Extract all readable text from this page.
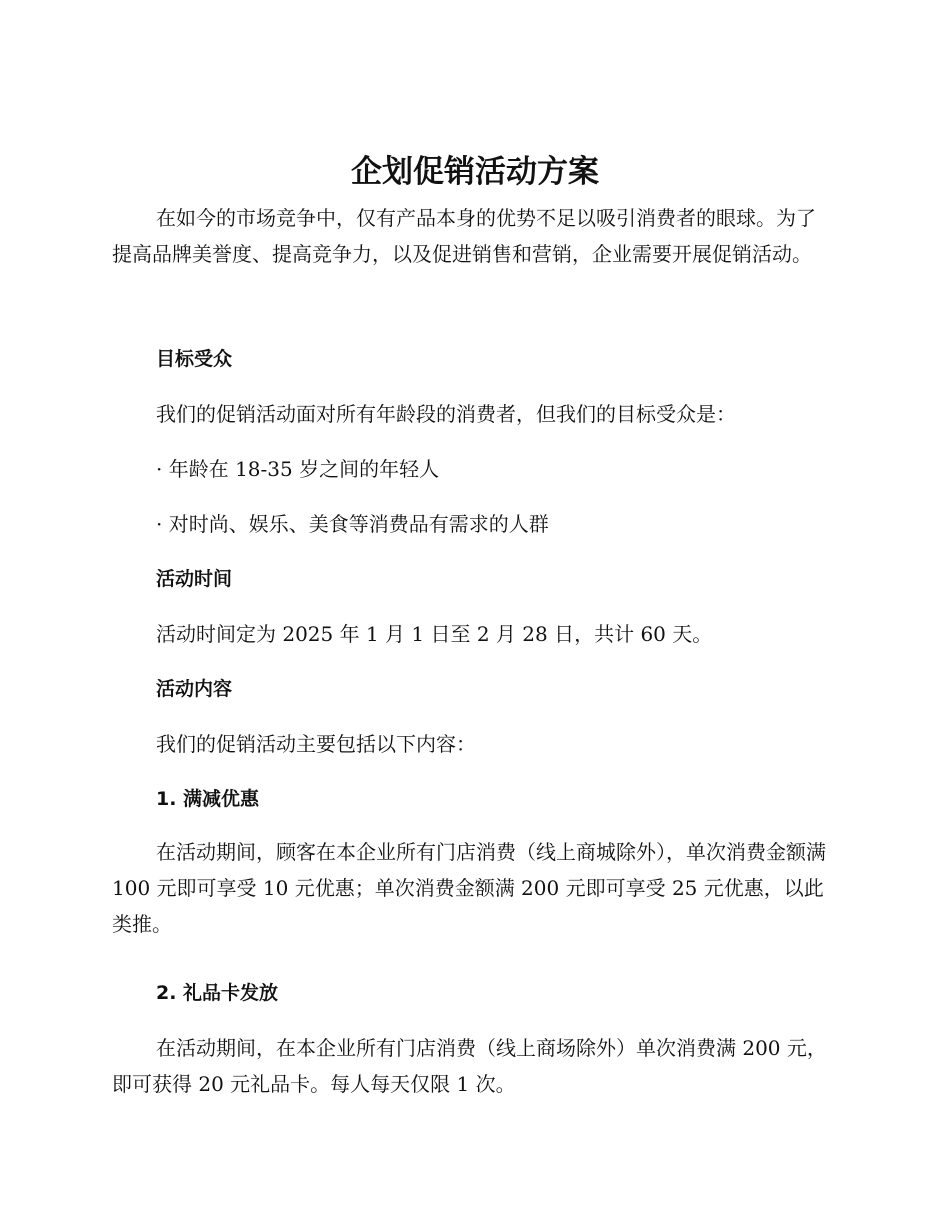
企划促销活动方案

在如今的市场竞争中，仅有产品本身的优势不足以吸引消费者的眼球。为了提高品牌美誉度、提高竞争力，以及促进销售和营销，企业需要开展促销活动。

目标受众

我们的促销活动面对所有年龄段的消费者，但我们的目标受众是：

· 年龄在 18-35 岁之间的年轻人

· 对时尚、娱乐、美食等消费品有需求的人群

活动时间

活动时间定为 2025 年 1 月 1 日至 2 月 28 日，共计 60 天。

活动内容

我们的促销活动主要包括以下内容：

1. 满减优惠

在活动期间，顾客在本企业所有门店消费（线上商城除外），单次消费金额满 100 元即可享受 10 元优惠；单次消费金额满 200 元即可享受 25 元优惠，以此类推。

2. 礼品卡发放

在活动期间，在本企业所有门店消费（线上商场除外）单次消费满 200 元，即可获得 20 元礼品卡。每人每天仅限 1 次。
